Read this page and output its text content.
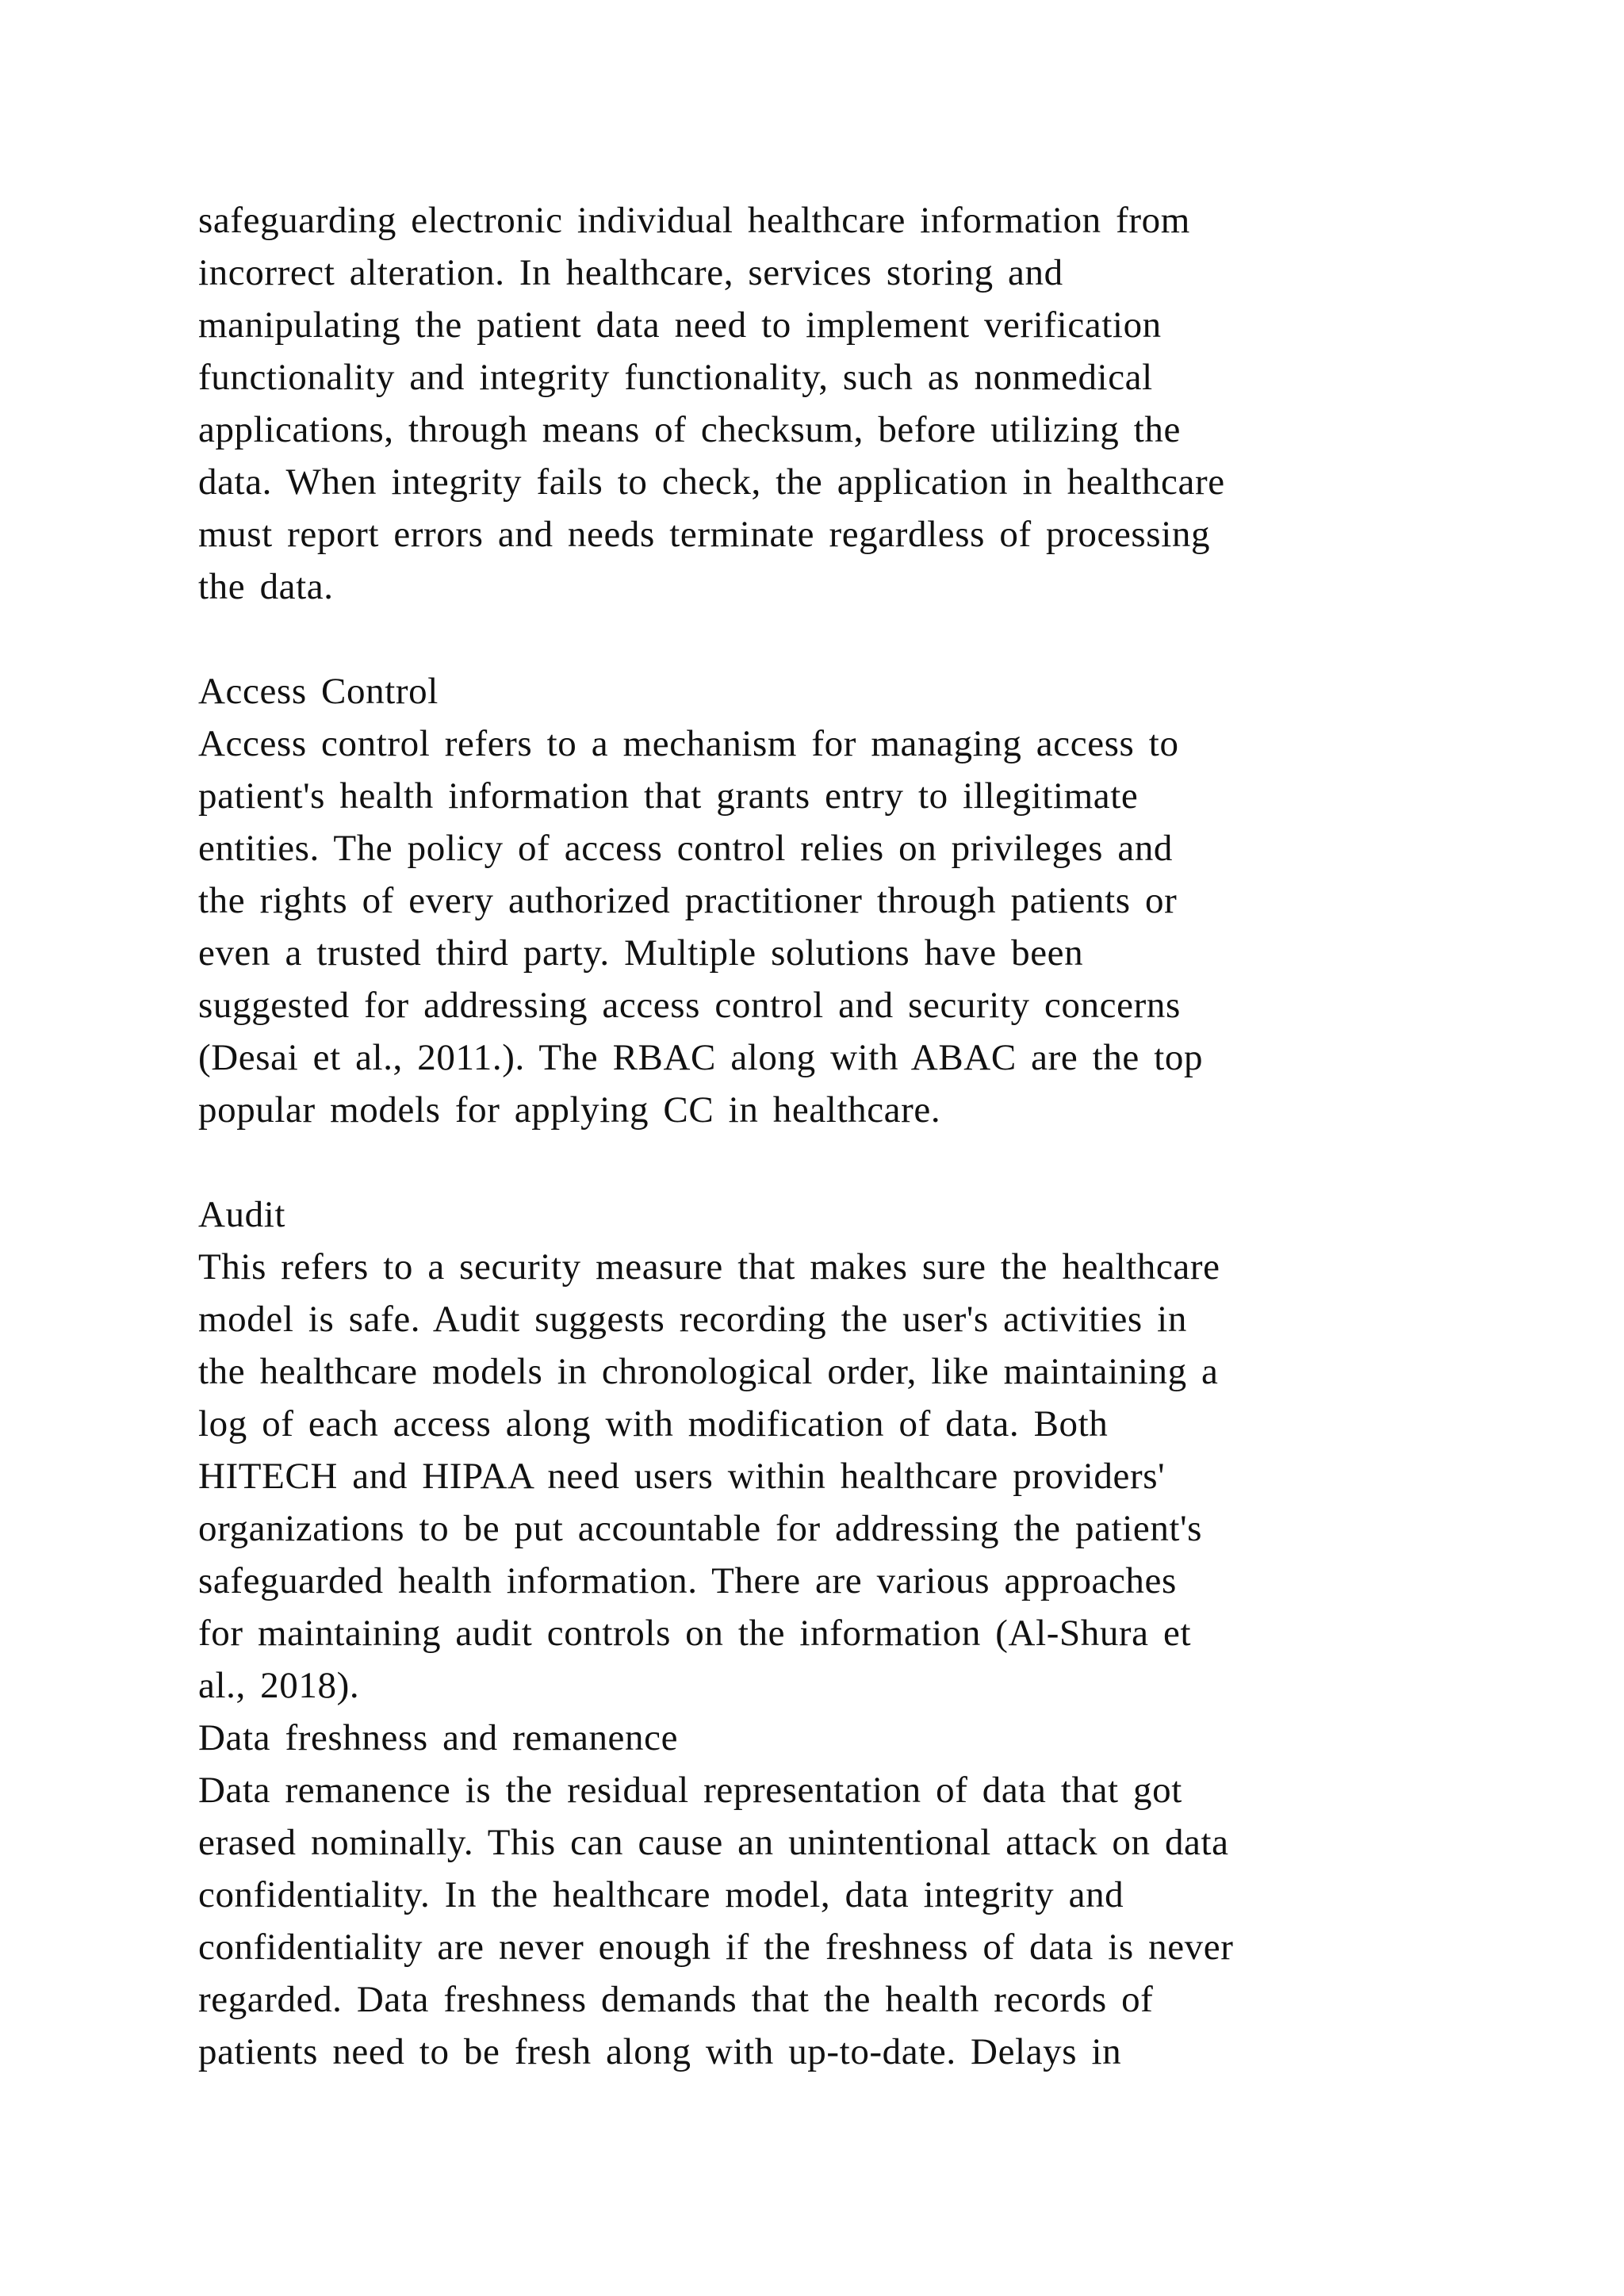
safeguarding electronic individual healthcare information from
incorrect alteration. In healthcare, services storing and
manipulating the patient data need to implement verification
functionality and integrity functionality, such as nonmedical
applications, through means of checksum, before utilizing the
data. When integrity fails to check, the application in healthcare
must report errors and needs terminate regardless of processing
the data.
Access Control
Access control refers to a mechanism for managing access to
patient's health information that grants entry to illegitimate
entities. The policy of access control relies on privileges and
the rights of every authorized practitioner through patients or
even a trusted third party. Multiple solutions have been
suggested for addressing access control and security concerns
(Desai et al., 2011.). The RBAC along with ABAC are the top
popular models for applying CC in healthcare.
Audit
This refers to a security measure that makes sure the healthcare
model is safe. Audit suggests recording the user's activities in
the healthcare models in chronological order, like maintaining a
log of each access along with modification of data. Both
HITECH and HIPAA need users within healthcare providers'
organizations to be put accountable for addressing the patient's
safeguarded health information. There are various approaches
for maintaining audit controls on the information (Al-Shura et
al., 2018).
Data freshness and remanence
Data remanence is the residual representation of data that got
erased nominally. This can cause an unintentional attack on data
confidentiality. In the healthcare model, data integrity and
confidentiality are never enough if the freshness of data is never
regarded. Data freshness demands that the health records of
patients need to be fresh along with up-to-date. Delays in
